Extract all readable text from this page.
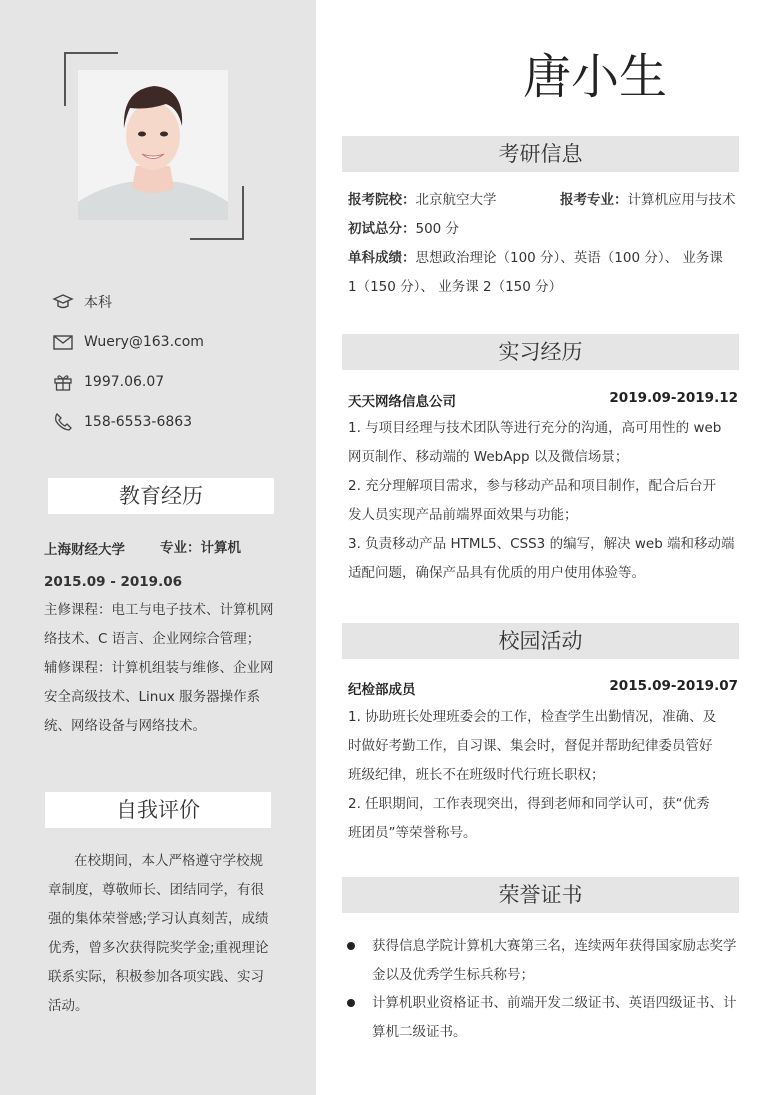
本科
Wuery@163.com
1997.06.07
158-6553-6863
教育经历
上海财经大学	专业：计算机
2015.09 - 2019.06
主修课程：电工与电子技术、计算机网
络技术、C 语言、企业网综合管理；
辅修课程：计算机组装与维修、企业网
安全高级技术、Linux 服务器操作系
统、网络设备与网络技术。
自我评价
在校期间，本人严格遵守学校规
章制度，尊敬师长、团结同学，有很
强的集体荣誉感;学习认真刻苦，成绩
优秀，曾多次获得院奖学金;重视理论
联系实际，积极参加各项实践、实习
活动。
唐小生
考研信息
报考院校：北京航空大学	报考专业：计算机应用与技术
初试总分：500 分
单科成绩：思想政治理论（100 分）、英语（100 分）、 业务课
1（150 分）、 业务课 2（150 分）
实习经历
天天网络信息公司	2019.09-2019.12
1. 与项目经理与技术团队等进行充分的沟通，高可用性的 web
网页制作、移动端的 WebApp 以及微信场景；
2. 充分理解项目需求，参与移动产品和项目制作，配合后台开
发人员实现产品前端界面效果与功能；
3. 负责移动产品 HTML5、CSS3 的编写，解决 web 端和移动端
适配问题，确保产品具有优质的用户使用体验等。
校园活动
纪检部成员	2015.09-2019.07
1. 协助班长处理班委会的工作，检查学生出勤情况，准确、及
时做好考勤工作，自习课、集会时，督促并帮助纪律委员管好
班级纪律，班长不在班级时代行班长职权；
2. 任职期间，工作表现突出，得到老师和同学认可，获“优秀
班团员”等荣誉称号。
荣誉证书
获得信息学院计算机大赛第三名，连续两年获得国家励志奖学
金以及优秀学生标兵称号；
计算机职业资格证书、前端开发二级证书、英语四级证书、计
算机二级证书。
